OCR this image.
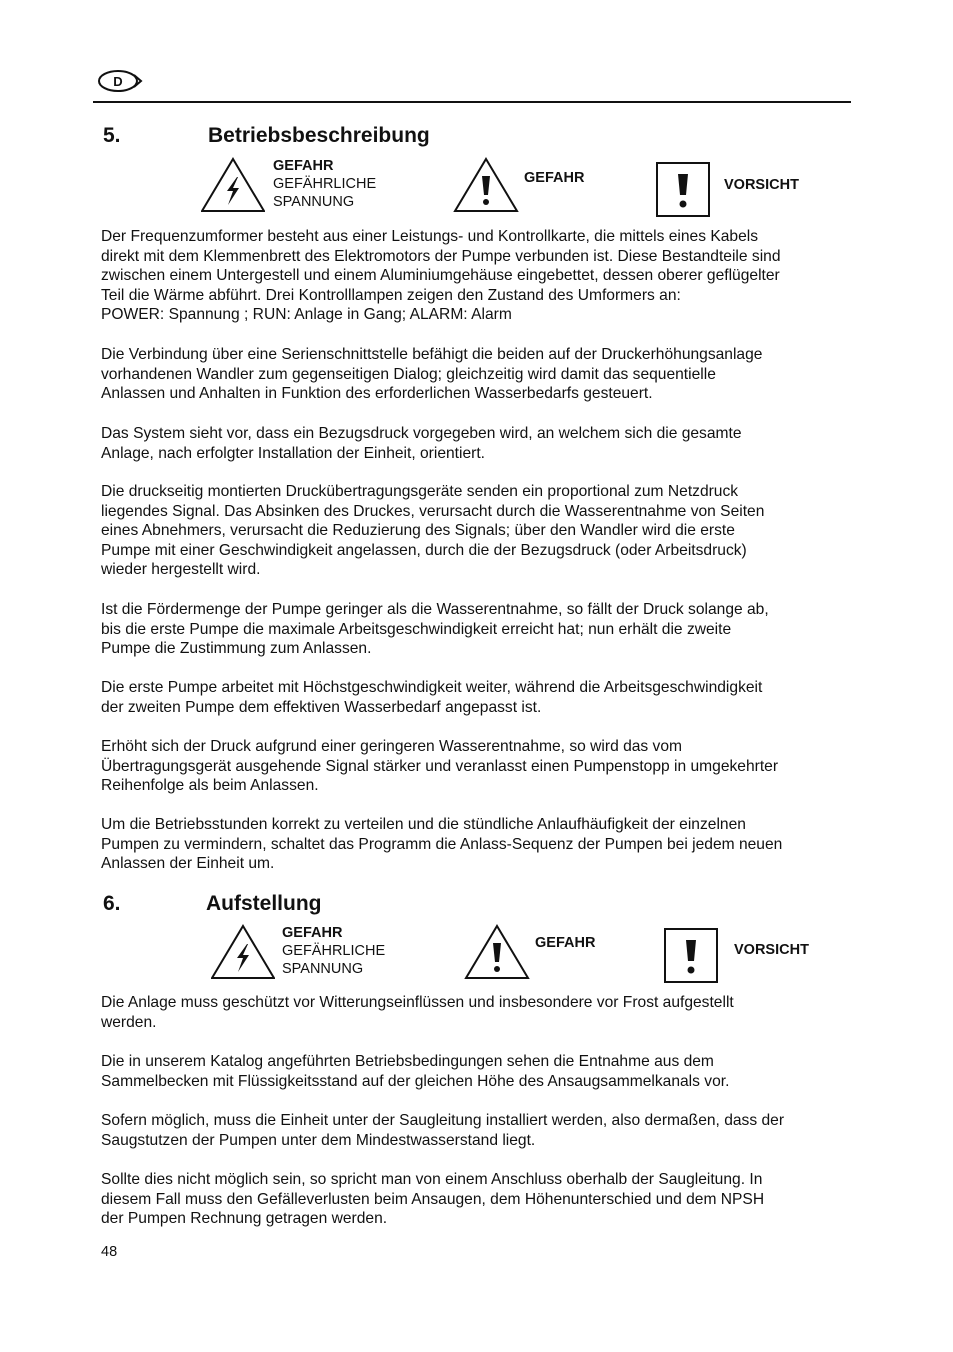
D
5.	Betriebsbeschreibung
GEFAHR
GEFÄHRLICHE
SPANNUNG
GEFAHR	VORSICHT

Der Frequenzumformer besteht aus einer Leistungs- und Kontrollkarte, die mittels eines Kabels
direkt mit dem Klemmenbrett des Elektromotors der Pumpe verbunden ist. Diese Bestandteile sind
zwischen einem Untergestell und einem Aluminiumgehäuse eingebettet, dessen oberer geflügelter
Teil die Wärme abführt. Drei Kontrolllampen zeigen den Zustand des Umformers an:
POWER: Spannung ; RUN: Anlage in Gang; ALARM: Alarm

Die Verbindung über eine Serienschnittstelle befähigt die beiden auf der Druckerhöhungsanlage
vorhandenen Wandler zum gegenseitigen Dialog; gleichzeitig wird damit das sequentielle
Anlassen und Anhalten in Funktion des erforderlichen Wasserbedarfs gesteuert.

Das System sieht vor, dass ein Bezugsdruck vorgegeben wird, an welchem sich die gesamte
Anlage, nach erfolgter Installation der Einheit, orientiert.

Die druckseitig montierten Druckübertragungsgeräte senden ein proportional zum Netzdruck
liegendes Signal. Das Absinken des Druckes, verursacht durch die Wasserentnahme von Seiten
eines Abnehmers, verursacht die Reduzierung des Signals; über den Wandler wird die erste
Pumpe mit einer Geschwindigkeit angelassen, durch die der Bezugsdruck (oder Arbeitsdruck)
wieder hergestellt wird.

Ist die Fördermenge der Pumpe geringer als die Wasserentnahme, so fällt der Druck solange ab,
bis die erste Pumpe die maximale Arbeitsgeschwindigkeit erreicht hat; nun erhält die zweite
Pumpe die Zustimmung zum Anlassen.

Die erste Pumpe arbeitet mit Höchstgeschwindigkeit weiter, während die Arbeitsgeschwindigkeit
der zweiten Pumpe dem effektiven Wasserbedarf angepasst ist.

Erhöht sich der Druck aufgrund einer geringeren Wasserentnahme, so wird das vom
Übertragungsgerät ausgehende Signal stärker und veranlasst einen Pumpenstopp in umgekehrter
Reihenfolge als beim Anlassen.

Um die Betriebsstunden korrekt zu verteilen und die stündliche Anlaufhäufigkeit der einzelnen
Pumpen zu vermindern, schaltet das Programm die Anlass-Sequenz der Pumpen bei jedem neuen
Anlassen der Einheit um.

6.	Aufstellung
GEFAHR
GEFÄHRLICHE
SPANNUNG
GEFAHR	VORSICHT

Die Anlage muss geschützt vor Witterungseinflüssen und insbesondere vor Frost aufgestellt
werden.

Die in unserem Katalog angeführten Betriebsbedingungen sehen die Entnahme aus dem
Sammelbecken mit Flüssigkeitsstand auf der gleichen Höhe des Ansaugsammelkanals vor.

Sofern möglich, muss die Einheit unter der Saugleitung installiert werden, also dermaßen, dass der
Saugstutzen der Pumpen unter dem Mindestwasserstand liegt.

Sollte dies nicht möglich sein, so spricht man von einem Anschluss oberhalb der Saugleitung. In
diesem Fall muss den Gefälleverlusten beim Ansaugen, dem Höhenunterschied und dem NPSH
der Pumpen Rechnung getragen werden.

48
